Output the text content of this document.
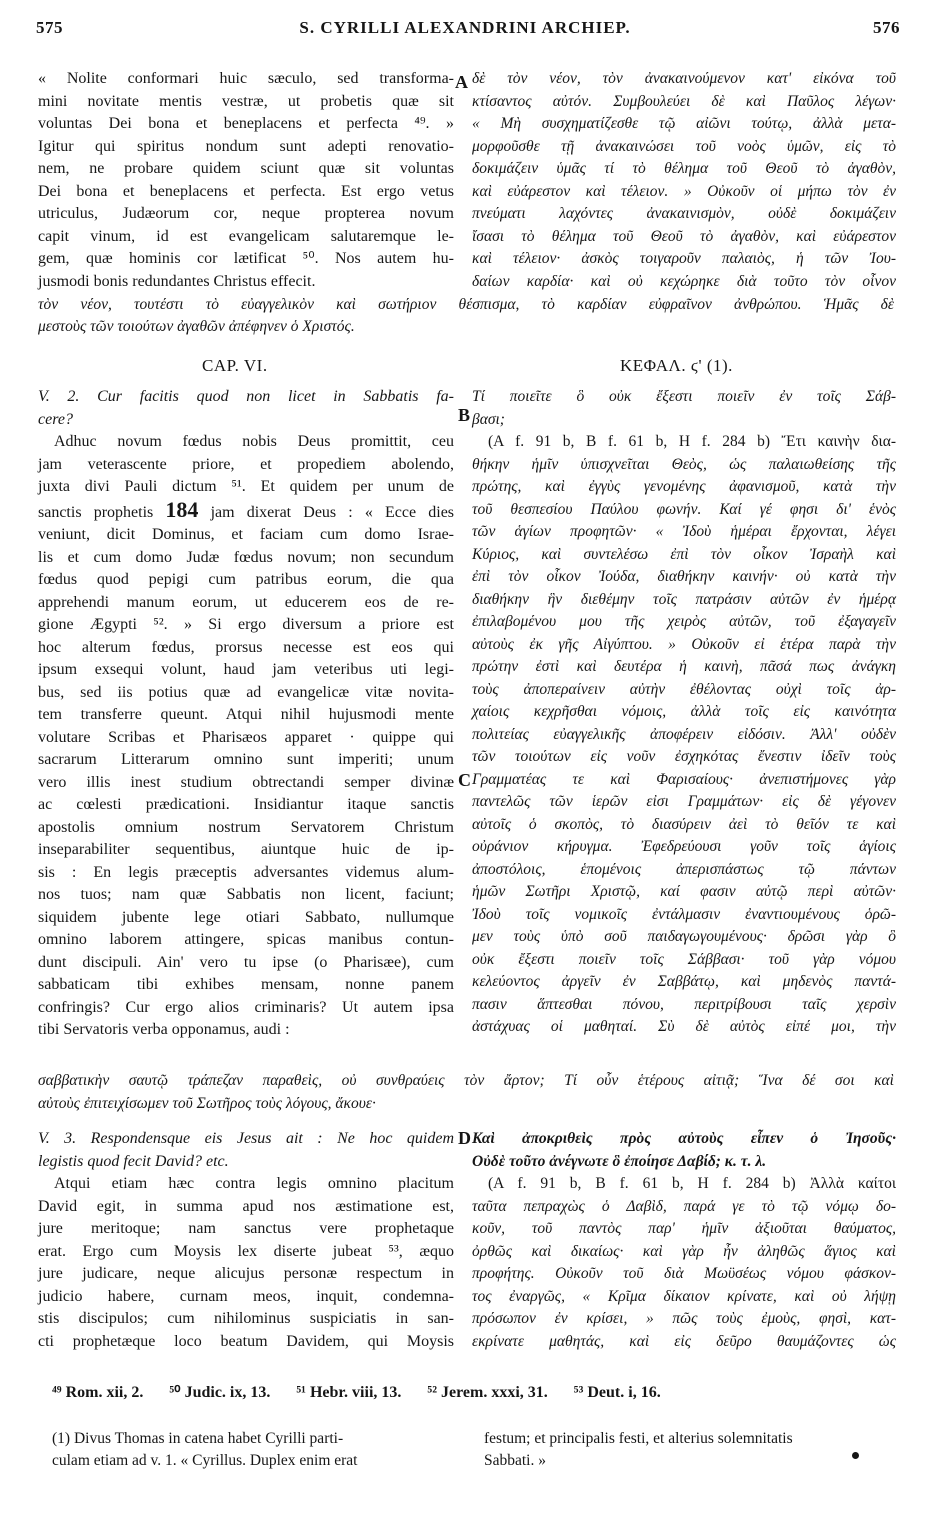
575	S. CYRILLI ALEXANDRINI ARCHIEP.	576
A
B
C
D
« Nolite conformari huic sæculo, sed transforma-
mini novitate mentis vestræ, ut probetis quæ sit
voluntas Dei bona et beneplacens et perfecta ⁴⁹. »
Igitur qui spiritus nondum sunt adepti renovatio-
nem, ne probare quidem sciunt quæ sit voluntas
Dei bona et beneplacens et perfecta. Est ergo vetus
utriculus, Judæorum cor, neque propterea novum
capit vinum, id est evangelicam salutaremque le-
gem, quæ hominis cor lætificat ⁵⁰. Nos autem hu-
jusmodi bonis redundantes Christus effecit.
δὲ τὸν νέον, τὸν ἀνακαινούμενον κατ' εἰκόνα τοῦ
κτίσαντος αὐτόν. Συμβουλεύει δὲ καὶ Παῦλος λέγων·
« Μὴ συσχηματίζεσθε τῷ αἰῶνι τούτῳ, ἀλλὰ μετα-
μορφοῦσθε τῇ ἀνακαινώσει τοῦ νοὸς ὑμῶν, εἰς τὸ
δοκιμάζειν ὑμᾶς τί τὸ θέλημα τοῦ Θεοῦ τὸ ἀγαθὸν,
καὶ εὐάρεστον καὶ τέλειον. » Οὐκοῦν οἱ μήπω τὸν ἐν
πνεύματι λαχόντες ἀνακαινισμὸν, οὐδὲ δοκιμάζειν
ἴσασι τὸ θέλημα τοῦ Θεοῦ τὸ ἀγαθὸν, καὶ εὐάρεστον
καὶ τέλειον· ἀσκὸς τοιγαροῦν παλαιὸς, ἡ τῶν Ἰου-
δαίων καρδία· καὶ οὐ κεχώρηκε διὰ τοῦτο τὸν οἶνον
τὸν νέον, τουτέστι τὸ εὐαγγελικὸν καὶ σωτήριον θέσπισμα, τὸ καρδίαν εὐφραῖνον ἀνθρώπου. Ἡμᾶς δὲ
μεστοὺς τῶν τοιούτων ἀγαθῶν ἀπέφηνεν ὁ Χριστός.
CAP. VI.	ΚΕΦΑΛ. ϛ' (1).
V. 2. Cur facitis quod non licet in Sabbatis fa-
cere?
Adhuc novum fœdus nobis Deus promittit, ceu
jam veterascente priore, et propediem abolendo,
juxta divi Pauli dictum ⁵¹. Et quidem per unum de
sanctis prophetis 184 jam dixerat Deus : « Ecce dies
veniunt, dicit Dominus, et faciam cum domo Israe-
lis et cum domo Judæ fœdus novum; non secundum
fœdus quod pepigi cum patribus eorum, die qua
apprehendi manum eorum, ut educerem eos de re-
gione Ægypti ⁵². » Si ergo diversum a priore est
hoc alterum fœdus, prorsus necesse est eos qui
ipsum exsequi volunt, haud jam veteribus uti legi-
bus, sed iis potius quæ ad evangelicæ vitæ novita-
tem transferre queunt. Atqui nihil hujusmodi mente
volutare Scribas et Pharisæos apparet · quippe qui
sacrarum Litterarum omnino sunt imperiti; unum
vero illis inest studium obtrectandi semper divinæ
ac cœlesti prædicationi. Insidiantur itaque sanctis
apostolis omnium nostrum Servatorem Christum
inseparabiliter sequentibus, aiuntque huic de ip-
sis : En legis præceptis adversantes videmus alum-
nos tuos; nam quæ Sabbatis non licent, faciunt;
siquidem jubente lege otiari Sabbato, nullumque
omnino laborem attingere, spicas manibus contun-
dunt discipuli. Ain' vero tu ipse (o Pharisæe), cum
sabbaticam tibi exhibes mensam, nonne panem
confringis? Cur ergo alios criminaris? Ut autem ipsa
tibi Servatoris verba opponamus, audi :
Τί ποιεῖτε ὃ οὐκ ἔξεστι ποιεῖν ἐν τοῖς Σάβ-
βασι;
(A f. 91 b, B f. 61 b, H f. 284 b) Ἔτι καινὴν δια-
θήκην ἡμῖν ὑπισχνεῖται Θεὸς, ὡς παλαιωθείσης τῆς
πρώτης, καὶ ἐγγὺς γενομένης ἀφανισμοῦ, κατὰ τὴν
τοῦ θεσπεσίου Παύλου φωνήν. Καί γέ φησι δι' ἑνὸς
τῶν ἁγίων προφητῶν· « Ἰδοὺ ἡμέραι ἔρχονται, λέγει
Κύριος, καὶ συντελέσω ἐπὶ τὸν οἶκον Ἰσραὴλ καὶ
ἐπὶ τὸν οἶκον Ἰούδα, διαθήκην καινήν· οὐ κατὰ τὴν
διαθήκην ἣν διεθέμην τοῖς πατράσιν αὐτῶν ἐν ἡμέρᾳ
ἐπιλαβομένου μου τῆς χειρὸς αὐτῶν, τοῦ ἐξαγαγεῖν
αὐτοὺς ἐκ γῆς Αἰγύπτου. » Οὐκοῦν εἰ ἑτέρα παρὰ τὴν
πρώτην ἐστὶ καὶ δευτέρα ἡ καινὴ, πᾶσά πως ἀνάγκη
τοὺς ἀποπεραίνειν αὐτὴν ἐθέλοντας οὐχὶ τοῖς ἀρ-
χαίοις κεχρῆσθαι νόμοις, ἀλλὰ τοῖς εἰς καινότητα
πολιτείας εὐαγγελικῆς ἀποφέρειν εἰδόσιν. Ἀλλ' οὐδὲν
τῶν τοιούτων εἰς νοῦν ἐσχηκότας ἔνεστιν ἰδεῖν τοὺς
Γραμματέας τε καὶ Φαρισαίους· ἀνεπιστήμονες γὰρ
παντελῶς τῶν ἱερῶν εἰσι Γραμμάτων· εἰς δὲ γέγονεν
αὐτοῖς ὁ σκοπὸς, τὸ διασύρειν ἀεὶ τὸ θεῖόν τε καὶ
οὐράνιον κήρυγμα. Ἐφεδρεύουσι γοῦν τοῖς ἁγίοις
ἀποστόλοις, ἑπομένοις ἀπερισπάστως τῷ πάντων
ἡμῶν Σωτῆρι Χριστῷ, καί φασιν αὐτῷ περὶ αὐτῶν·
Ἰδοὺ τοῖς νομικοῖς ἐντάλμασιν ἐναντιουμένους ὁρῶ-
μεν τοὺς ὑπὸ σοῦ παιδαγωγουμένους· δρῶσι γὰρ ὃ
οὐκ ἔξεστι ποιεῖν τοῖς Σάββασι· τοῦ γὰρ νόμου
κελεύοντος ἀργεῖν ἐν Σαββάτῳ, καὶ μηδενὸς παντά-
πασιν ἅπτεσθαι πόνου, περιτρίβουσι ταῖς χερσὶν
ἀστάχυας οἱ μαθηταί. Σὺ δὲ αὐτὸς εἰπέ μοι, τὴν
σαββατικὴν σαυτῷ τράπεζαν παραθεὶς, οὐ συνθραύεις τὸν ἄρτον; Τί οὖν ἑτέρους αἰτιᾷ; Ἵνα δέ σοι καὶ
αὐτοὺς ἐπιτειχίσωμεν τοῦ Σωτῆρος τοὺς λόγους, ἄκουε·
V. 3. Respondensque eis Jesus ait : Ne hoc quidem
legistis quod fecit David? etc.
Atqui etiam hæc contra legis omnino placitum
David egit, in summa apud nos æstimatione est,
jure meritoque; nam sanctus vere prophetaque
erat. Ergo cum Moysis lex diserte jubeat ⁵³, æquo
jure judicare, neque alicujus personæ respectum in
judicio habere, curnam meos, inquit, condemna-
stis discipulos; cum nihilominus suspiciatis in san-
cti prophetæque loco beatum Davidem, qui Moysis
Καὶ ἀποκριθεὶς πρὸς αὐτοὺς εἶπεν ὁ Ἰησοῦς·
Οὐδὲ τοῦτο ἀνέγνωτε ὃ ἐποίησε Δαβίδ; κ. τ. λ.
(A f. 91 b, B f. 61 b, H f. 284 b) Ἀλλὰ καίτοι
ταῦτα πεπραχὼς ὁ Δαβὶδ, παρά γε τὸ τῷ νόμῳ δο-
κοῦν, τοῦ παντὸς παρ' ἡμῖν ἀξιοῦται θαύματος,
ὀρθῶς καὶ δικαίως· καὶ γὰρ ἦν ἀληθῶς ἅγιος καὶ
προφήτης. Οὐκοῦν τοῦ διὰ Μωϋσέως νόμου φάσκον-
τος ἐναργῶς, « Κρῖμα δίκαιον κρίνατε, καὶ οὐ λήψῃ
πρόσωπον ἐν κρίσει, » πῶς τοὺς ἐμοὺς, φησὶ, κατ-
εκρίνατε μαθητάς, καὶ εἰς δεῦρο θαυμάζοντες ὡς
⁴⁹ Rom. xii, 2. ⁵⁰ Judic. ix, 13. ⁵¹ Hebr. viii, 13. ⁵² Jerem. xxxi, 31. ⁵³ Deut. i, 16.
(1) Divus Thomas in catena habet Cyrilli parti-
culam etiam ad v. 1. « Cyrillus. Duplex enim erat
festum; et principalis festi, et alterius solemnitatis
Sabbati. »
